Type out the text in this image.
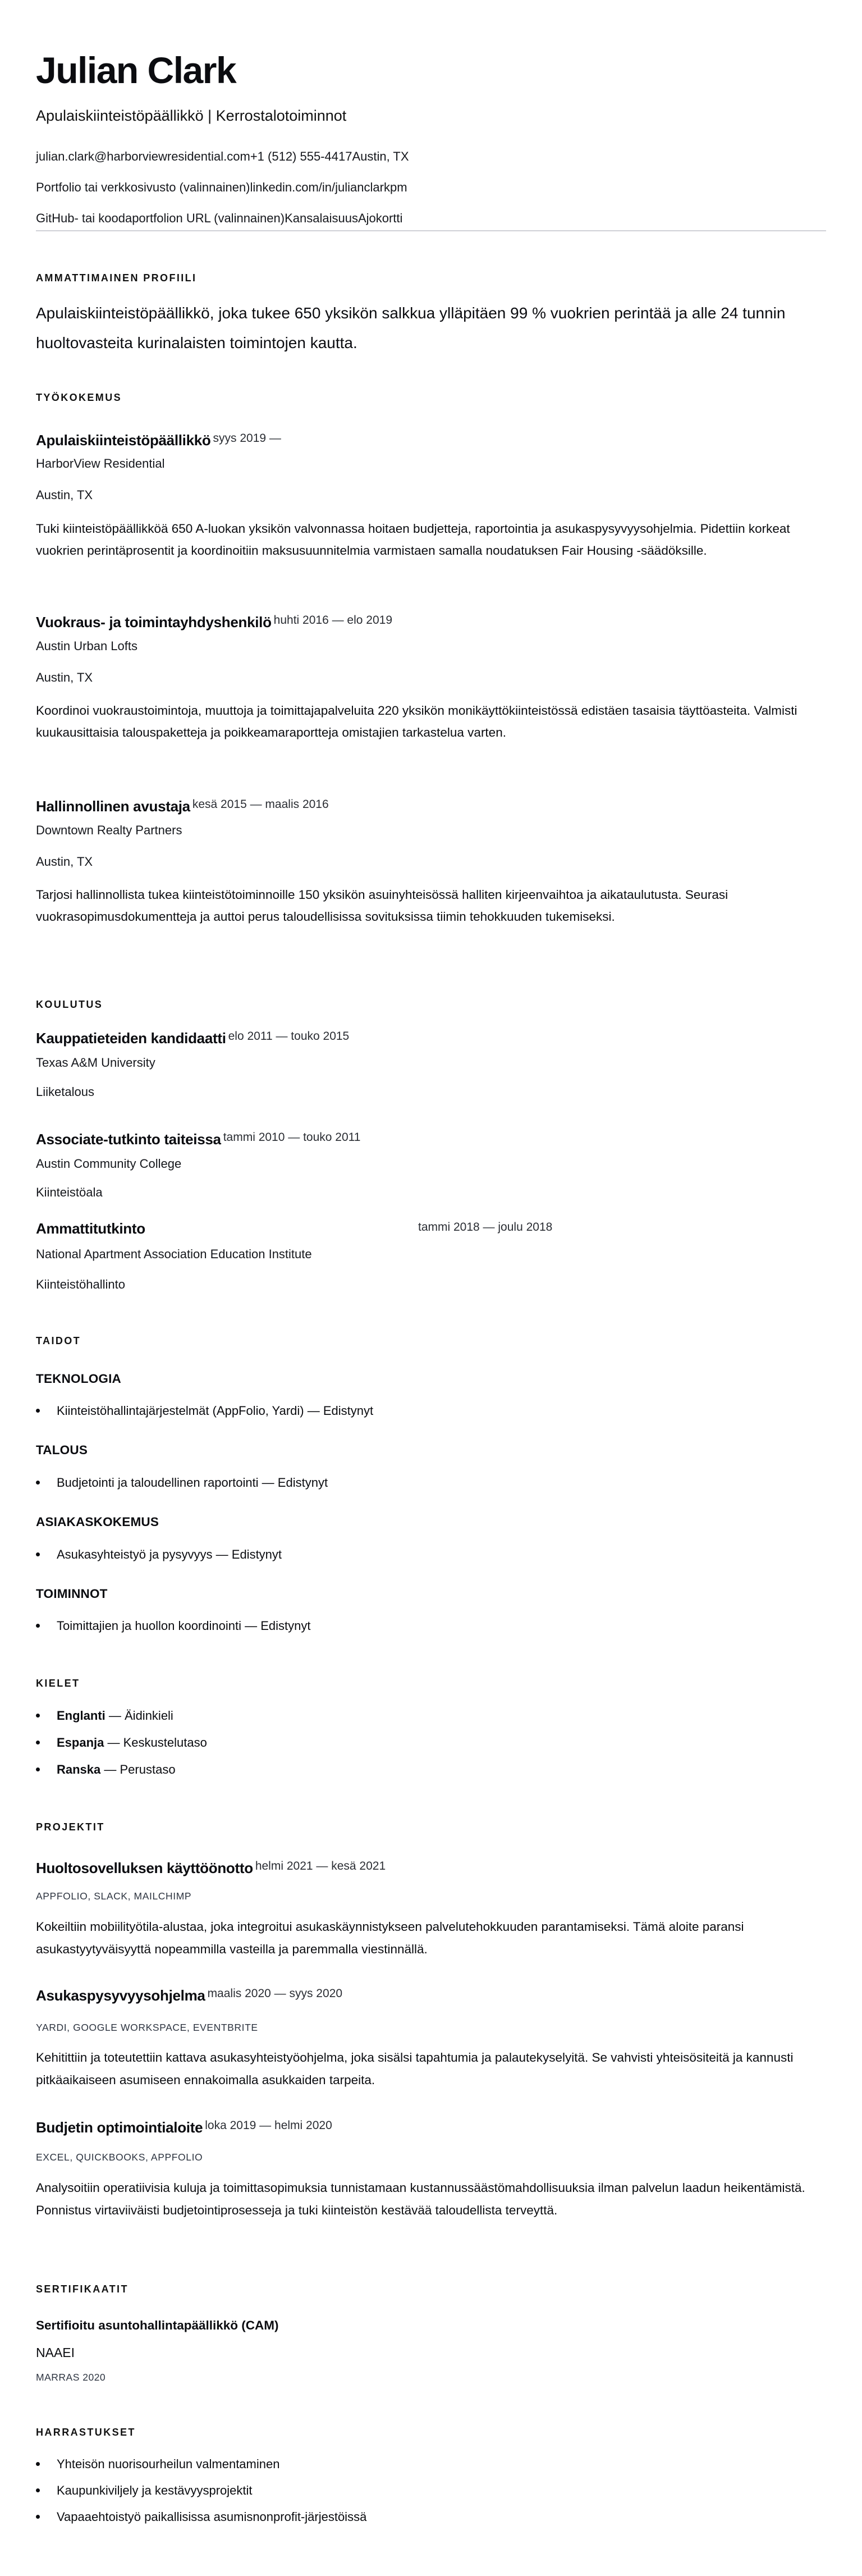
Julian Clark
Apulaiskiinteistöpäällikkö | Kerrostalotoiminnot
julian.clark@harborviewresidential.com+1 (512) 555-4417Austin, TX
Portfolio tai verkkosivusto (valinnainen)linkedin.com/in/julianclarkpm
GitHub- tai koodaportfolion URL (valinnainen)KansalaisuusAjokortti
AMMATTIMAINEN PROFIILI
Apulaiskiinteistöpäällikkö, joka tukee 650 yksikön salkkua ylläpitäen 99 % vuokrien perintää ja alle 24 tunnin huoltovasteita kurinalaisten toimintojen kautta.
TYÖKOKEMUS
Apulaiskiinteistöpäällikkö $^{syys 2019 —}$
HarborView Residential
Austin, TX
Tuki kiinteistöpäällikköä 650 A-luokan yksikön valvonnassa hoitaen budjetteja, raportointia ja asukaspysyvyysohjelmia. Pidettiin korkeat vuokrien perintäprosentit ja koordinoitiin maksusuunnitelmia varmistaen samalla noudatuksen Fair Housing -säädöksille.
Vuokraus- ja toimintayhdyshenkilö $^{huhti 2016 — elo 2019}$
Austin Urban Lofts
Austin, TX
Koordinoi vuokraustoimintoja, muuttoja ja toimittajapalveluita 220 yksikön monikäyttökiinteistössä edistäen tasaisia täyttöasteita. Valmisti kuukausittaisia talouspaketteja ja poikkeamaraportteja omistajien tarkastelua varten.
Hallinnollinen avustaja $^{kesä 2015 — maalis 2016}$
Downtown Realty Partners
Austin, TX
Tarjosi hallinnollista tukea kiinteistötoiminnoille 150 yksikön asuinyhteisössä halliten kirjeenvaihtoa ja aikataulutusta. Seurasi vuokrasopimusdokumentteja ja auttoi perus taloudellisissa sovituksissa tiimin tehokkuuden tukemiseksi.
KOULUTUS
Kauppatieteiden kandidaatti $^{elo 2011 — touko 2015}$
Texas A&M University
Liiketalous
Associate-tutkinto taiteissa $^{tammi 2010 — touko 2011}$
Austin Community College
Kiinteistöala
Ammattitutkinto	tammi 2018 — joulu 2018
National Apartment Association Education Institute
Kiinteistöhallinto
TAIDOT
TEKNOLOGIA
Kiinteistöhallintajärjestelmät (AppFolio, Yardi) — Edistynyt
TALOUS
Budjetointi ja taloudellinen raportointi — Edistynyt
ASIAKASKOKEMUS
Asukasyhteistyö ja pysyvyys — Edistynyt
TOIMINNOT
Toimittajien ja huollon koordinointi — Edistynyt
KIELET
Englanti — Äidinkieli
Espanja — Keskustelutaso
Ranska — Perustaso
PROJEKTIT
Huoltosovelluksen käyttöönotto $^{helmi 2021 — kesä 2021}$
APPFOLIO, SLACK, MAILCHIMP
Kokeiltiin mobiilityötila-alustaa, joka integroitui asukaskäynnistykseen palvelutehokkuuden parantamiseksi. Tämä aloite paransi asukastyytyväisyyttä nopeammilla vasteilla ja paremmalla viestinnällä.
Asukaspysyvyysohjelma $^{maalis 2020 — syys 2020}$
YARDI, GOOGLE WORKSPACE, EVENTBRITE
Kehitittiin ja toteutettiin kattava asukasyhteistyöohjelma, joka sisälsi tapahtumia ja palautekyselyitä. Se vahvisti yhteisösiteitä ja kannusti pitkäaikaiseen asumiseen ennakoimalla asukkaiden tarpeita.
Budjetin optimointialoite $^{loka 2019 — helmi 2020}$
EXCEL, QUICKBOOKS, APPFOLIO
Analysoitiin operatiivisia kuluja ja toimittasopimuksia tunnistamaan kustannussäästömahdollisuuksia ilman palvelun laadun heikentämistä. Ponnistus virtaviiväisti budjetointiprosesseja ja tuki kiinteistön kestävää taloudellista terveyttä.
SERTIFIKAATIT
Sertifioitu asuntohallintapäällikkö (CAM)
NAAEI
MARRAS 2020
HARRASTUKSET
Yhteisön nuorisourheilun valmentaminen
Kaupunkiviljely ja kestävyysprojektit
Vapaaehtoistyö paikallisissa asumisnonprofit-järjestöissä
